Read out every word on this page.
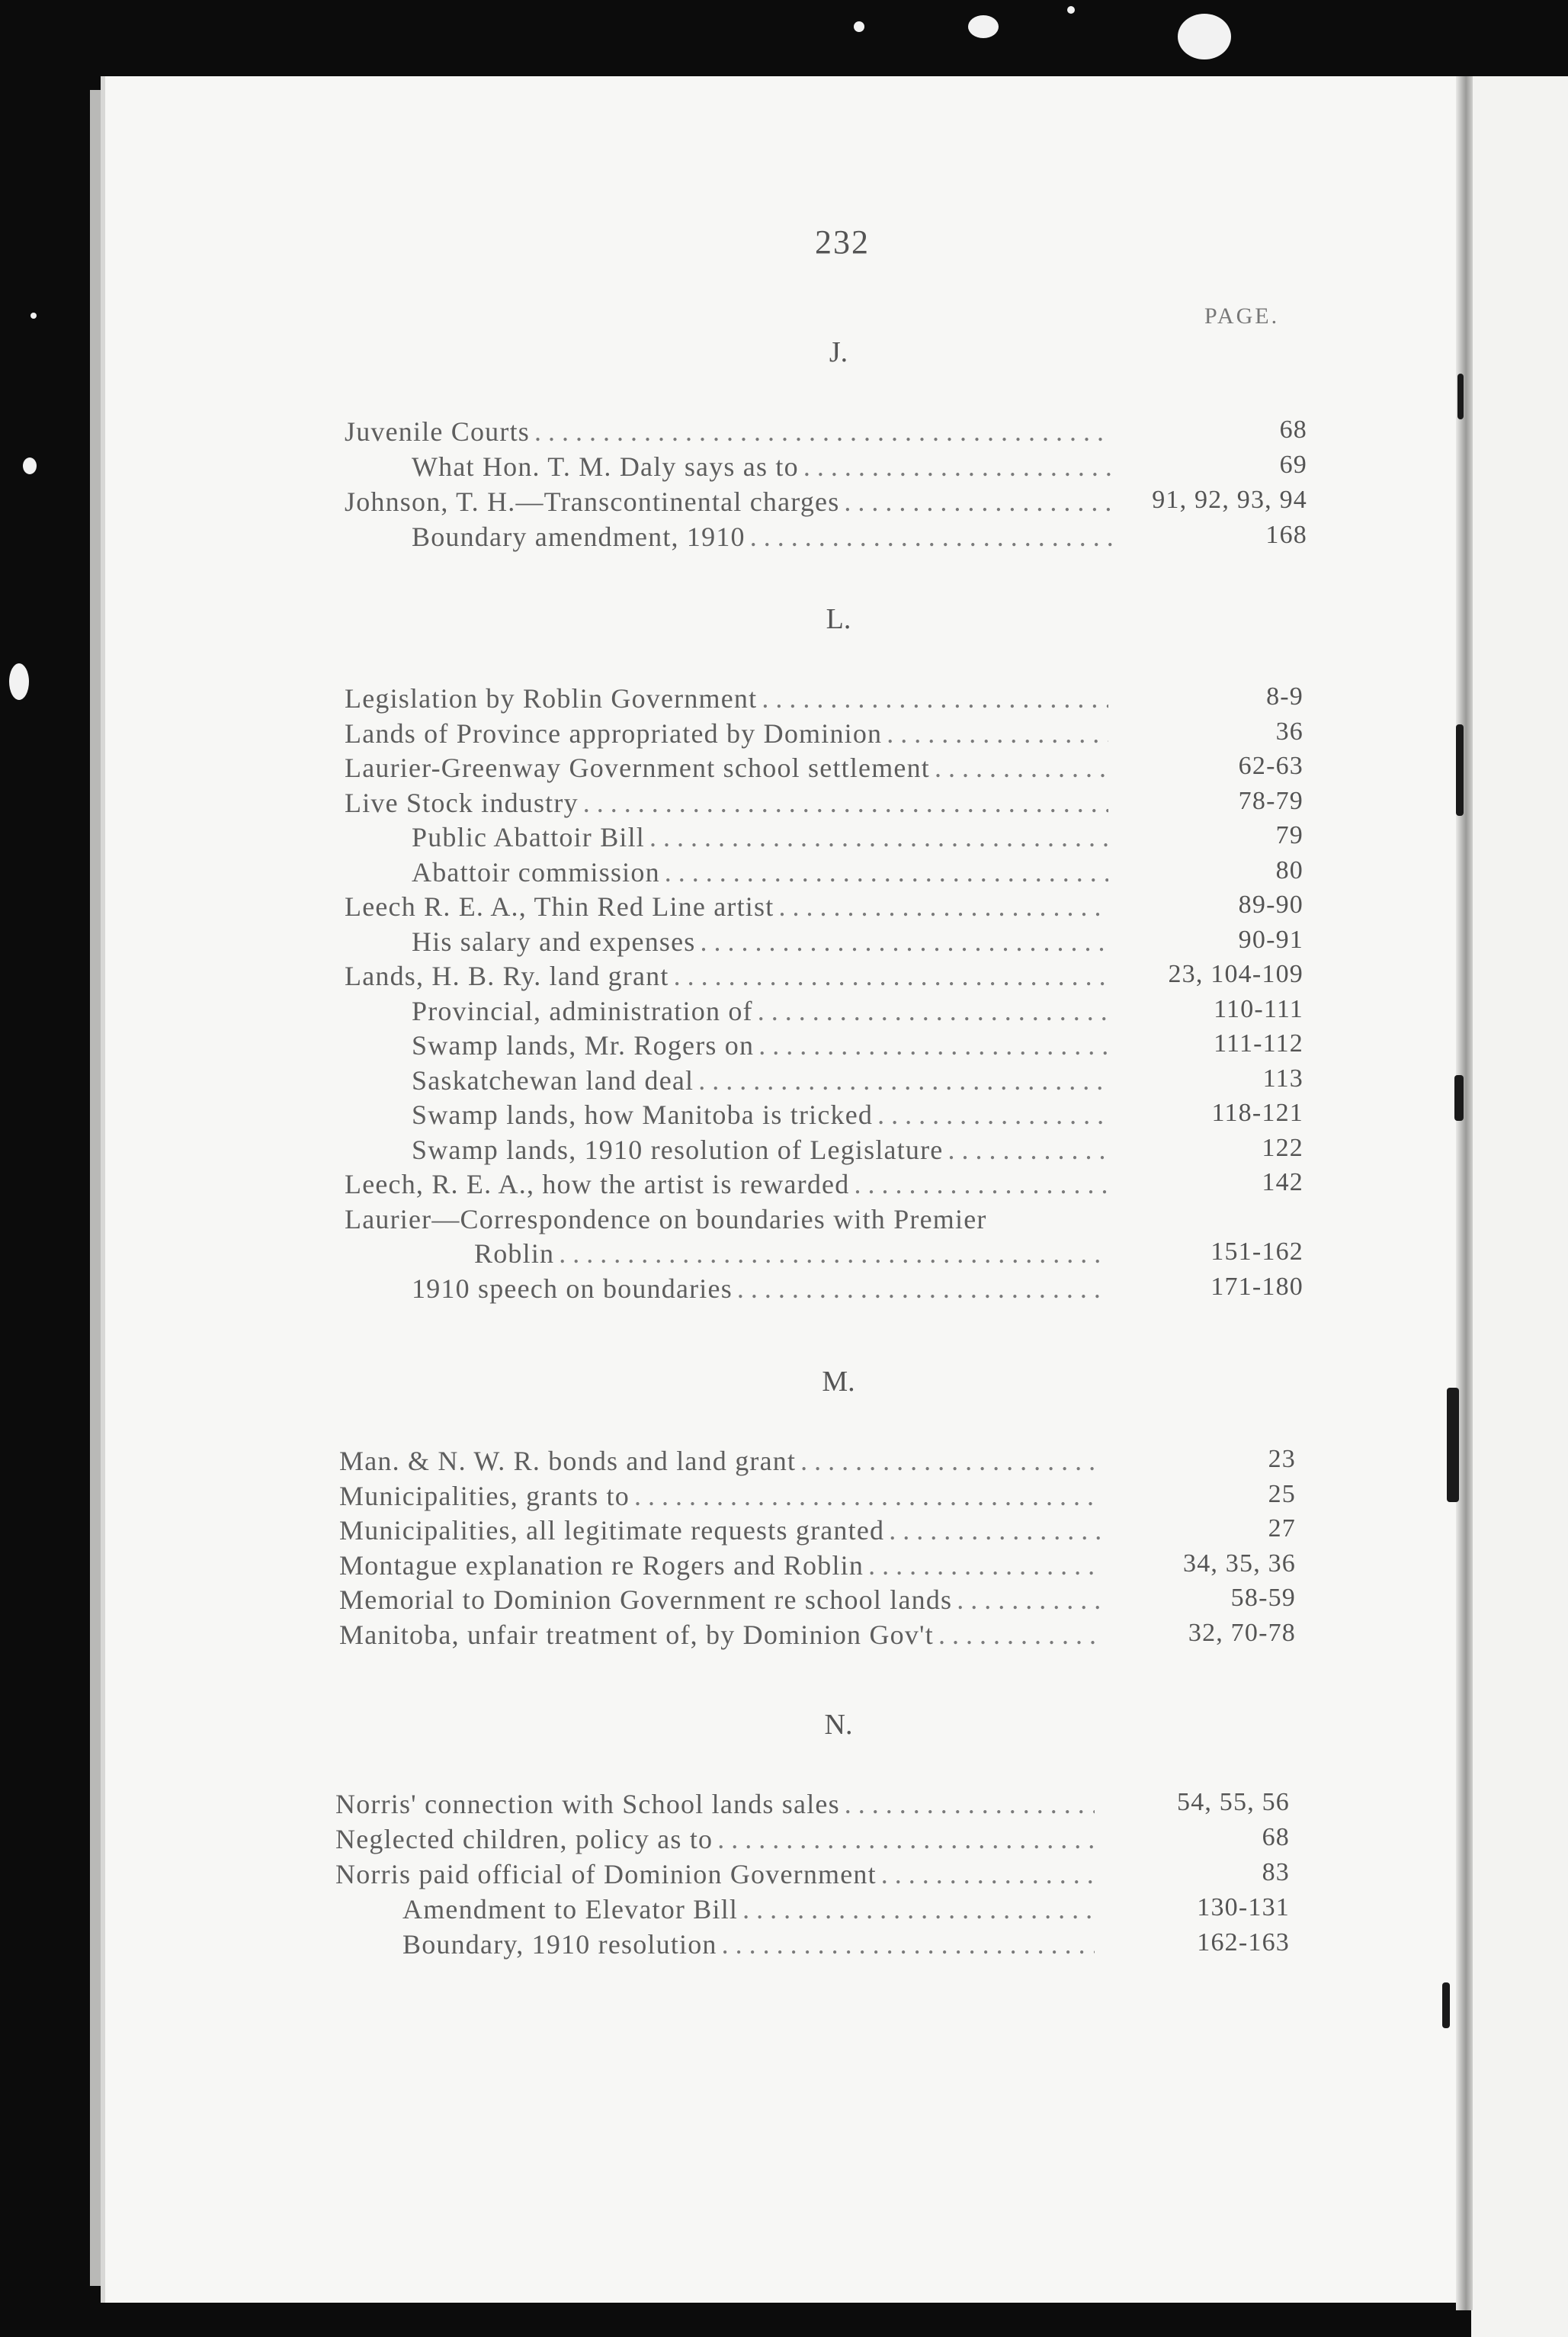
232
PAGE.
J.
Juvenile Courts . . .	68
What Hon. T. M. Daly says as to . . .	69
Johnson, T. H.—Transcontinental charges . . .	91, 92, 93, 94
Boundary amendment, 1910 . . .	168
L.
Legislation by Roblin Government . . .	8-9
Lands of Province appropriated by Dominion . . .	36
Laurier-Greenway Government school settlement . . .	62-63
Live Stock industry . . .	78-79
Public Abattoir Bill . . .	79
Abattoir commission . . .	80
Leech R. E. A., Thin Red Line artist . . .	89-90
His salary and expenses . . .	90-91
Lands, H. B. Ry. land grant . . .	23, 104-109
Provincial, administration of . . .	110-111
Swamp lands, Mr. Rogers on . . .	111-112
Saskatchewan land deal . . .	113
Swamp lands, how Manitoba is tricked . . .	118-121
Swamp lands, 1910 resolution of Legislature . . .	122
Leech, R. E. A., how the artist is rewarded . . .	142
Laurier—Correspondence on boundaries with Premier
Roblin . . .	151-162
1910 speech on boundaries . . .	171-180
M.
Man. & N. W. R. bonds and land grant . . .	23
Municipalities, grants to . . .	25
Municipalities, all legitimate requests granted . . .	27
Montague explanation re Rogers and Roblin . . .	34, 35, 36
Memorial to Dominion Government re school lands . . .	58-59
Manitoba, unfair treatment of, by Dominion Gov't . . .	32, 70-78
N.
Norris' connection with School lands sales . . .	54, 55, 56
Neglected children, policy as to . . .	68
Norris paid official of Dominion Government . . .	83
Amendment to Elevator Bill . . .	130-131
Boundary, 1910 resolution . . .	162-163
